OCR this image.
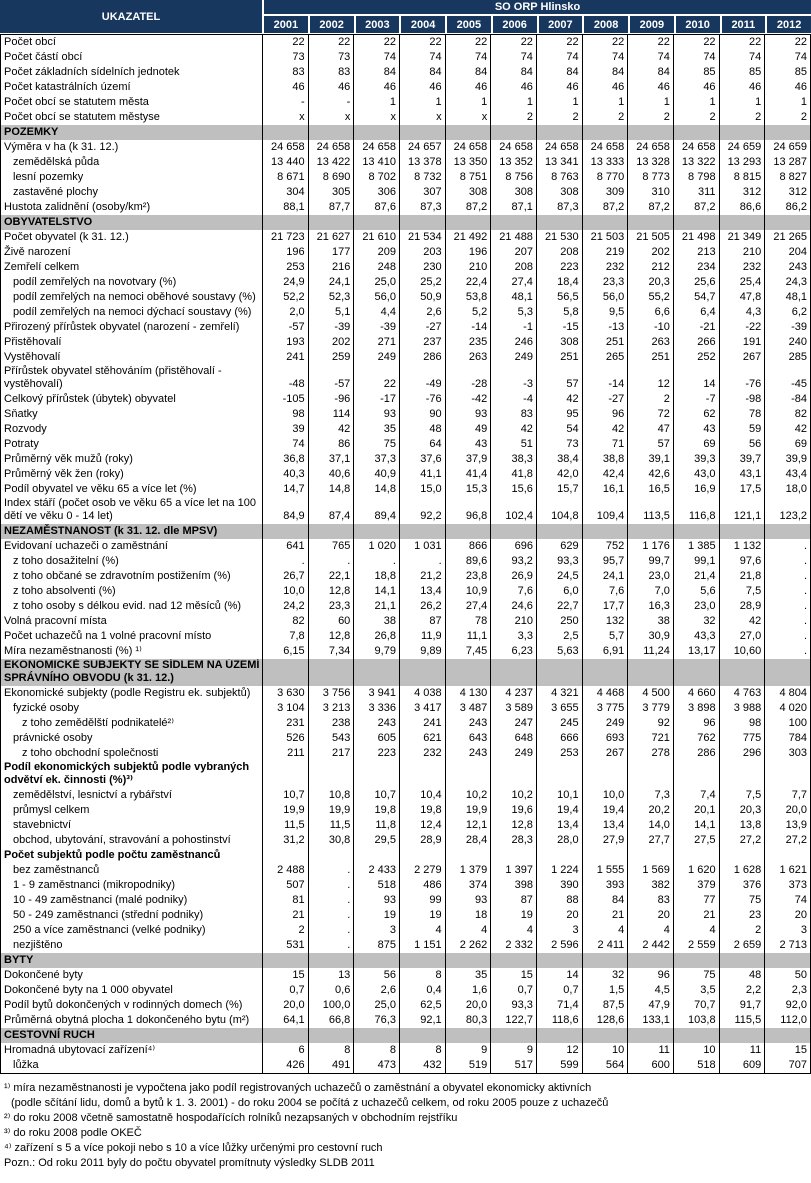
UKAZATEL
SO ORP Hlinsko
2001	2002	2003	2004	2005	2006	2007	2008	2009	2010	2011	2012
Počet obcí	22	22	22	22	22	22	22	22	22	22	22	22
Počet částí obcí	73	73	74	74	74	74	74	74	74	74	74	74
Počet základních sídelních jednotek	83	83	84	84	84	84	84	84	84	85	85	85
Počet katastrálních území	46	46	46	46	46	46	46	46	46	46	46	46
Počet obcí se statutem města	-	-	1	1	1	1	1	1	1	1	1	1
Počet obcí se statutem městyse	x	x	x	x	x	2	2	2	2	2	2	2
POZEMKY												
Výměra v ha (k 31. 12.)	24 658	24 658	24 658	24 657	24 658	24 658	24 658	24 658	24 658	24 658	24 659	24 659
zemědělská půda	13 440	13 422	13 410	13 378	13 350	13 352	13 341	13 333	13 328	13 322	13 293	13 287
lesní pozemky	8 671	8 690	8 702	8 732	8 751	8 756	8 763	8 770	8 773	8 798	8 815	8 827
zastavěné plochy	304	305	306	307	308	308	308	309	310	311	312	312
Hustota zalidnění (osoby/km²)	88,1	87,7	87,6	87,3	87,2	87,1	87,3	87,2	87,2	87,2	86,6	86,2
OBYVATELSTVO												
Počet obyvatel (k 31. 12.)	21 723	21 627	21 610	21 534	21 492	21 488	21 530	21 503	21 505	21 498	21 349	21 265
Živě narození	196	177	209	203	196	207	208	219	202	213	210	204
Zemřelí celkem	253	216	248	230	210	208	223	232	212	234	232	243
podíl zemřelých na novotvary (%)	24,9	24,1	25,0	25,2	22,4	27,4	18,4	23,3	20,3	25,6	25,4	24,3
podíl zemřelých na nemoci oběhové soustavy (%)	52,2	52,3	56,0	50,9	53,8	48,1	56,5	56,0	55,2	54,7	47,8	48,1
podíl zemřelých na nemoci dýchací soustavy (%)	2,0	5,1	4,4	2,6	5,2	5,3	5,8	9,5	6,6	6,4	4,3	6,2
Přirozený přírůstek obyvatel (narození - zemřelí)	-57	-39	-39	-27	-14	-1	-15	-13	-10	-21	-22	-39
Přistěhovalí	193	202	271	237	235	246	308	251	263	266	191	240
Vystěhovalí	241	259	249	286	263	249	251	265	251	252	267	285
Přírůstek obyvatel stěhováním (přistěhovalí - vystěhovalí)	-48	-57	22	-49	-28	-3	57	-14	12	14	-76	-45
Celkový přírůstek (úbytek) obyvatel	-105	-96	-17	-76	-42	-4	42	-27	2	-7	-98	-84
Sňatky	98	114	93	90	93	83	95	96	72	62	78	82
Rozvody	39	42	35	48	49	42	54	42	47	43	59	42
Potraty	74	86	75	64	43	51	73	71	57	69	56	69
Průměrný věk mužů (roky)	36,8	37,1	37,3	37,6	37,9	38,3	38,4	38,8	39,1	39,3	39,7	39,9
Průměrný věk žen (roky)	40,3	40,6	40,9	41,1	41,4	41,8	42,0	42,4	42,6	43,0	43,1	43,4
Podíl obyvatel ve věku 65 a více let (%)	14,7	14,8	14,8	15,0	15,3	15,6	15,7	16,1	16,5	16,9	17,5	18,0
Index stáří (počet osob ve věku 65 a více let na 100 dětí ve věku 0 - 14 let)	84,9	87,4	89,4	92,2	96,8	102,4	104,8	109,4	113,5	116,8	121,1	123,2
NEZAMĚSTNANOST (k 31. 12. dle MPSV)												
Evidovaní uchazeči o zaměstnání	641	765	1 020	1 031	866	696	629	752	1 176	1 385	1 132	.
z toho dosažitelní (%)	.	.	.	.	89,6	93,2	93,3	95,7	99,7	99,1	97,6	.
z toho občané se zdravotním postižením (%)	26,7	22,1	18,8	21,2	23,8	26,9	24,5	24,1	23,0	21,4	21,8	.
z toho absolventi (%)	10,0	12,8	14,1	13,4	10,9	7,6	6,0	7,6	7,0	5,6	7,5	.
z toho osoby s délkou evid. nad 12 měsíců (%)	24,2	23,3	21,1	26,2	27,4	24,6	22,7	17,7	16,3	23,0	28,9	.
Volná pracovní místa	82	60	38	87	78	210	250	132	38	32	42	.
Počet uchazečů na 1 volné pracovní místo	7,8	12,8	26,8	11,9	11,1	3,3	2,5	5,7	30,9	43,3	27,0	.
Míra nezaměstnanosti (%) ¹⁾	6,15	7,34	9,79	9,89	7,45	6,23	5,63	6,91	11,24	13,17	10,60	.
EKONOMICKÉ SUBJEKTY SE SÍDLEM NA ÚZEMÍ SPRÁVNÍHO OBVODU (k 31. 12.)												
Ekonomické subjekty (podle Registru ek. subjektů)	3 630	3 756	3 941	4 038	4 130	4 237	4 321	4 468	4 500	4 660	4 763	4 804
fyzické osoby	3 104	3 213	3 336	3 417	3 487	3 589	3 655	3 775	3 779	3 898	3 988	4 020
z toho zemědělští podnikatelé²⁾	231	238	243	241	243	247	245	249	92	96	98	100
právnické osoby	526	543	605	621	643	648	666	693	721	762	775	784
z toho obchodní společnosti	211	217	223	232	243	249	253	267	278	286	296	303
Podíl ekonomických subjektů podle vybraných odvětví ek. činnosti (%)³⁾												
zemědělství, lesnictví a rybářství	10,7	10,8	10,7	10,4	10,2	10,2	10,1	10,0	7,3	7,4	7,5	7,7
průmysl celkem	19,9	19,9	19,8	19,8	19,9	19,6	19,4	19,4	20,2	20,1	20,3	20,0
stavebnictví	11,5	11,5	11,8	12,4	12,1	12,8	13,4	13,4	14,0	14,1	13,8	13,9
obchod, ubytování, stravování a pohostinství	31,2	30,8	29,5	28,9	28,4	28,3	28,0	27,9	27,7	27,5	27,2	27,2
Počet subjektů podle počtu zaměstnanců												
bez zaměstnanců	2 488	.	2 433	2 279	1 379	1 397	1 224	1 555	1 569	1 620	1 628	1 621
1 - 9 zaměstnanci (mikropodniky)	507	.	518	486	374	398	390	393	382	379	376	373
10 - 49 zaměstnanci (malé podniky)	81	.	93	99	93	87	88	84	83	77	75	74
50 - 249 zaměstnanci (střední podniky)	21	.	19	19	18	19	20	21	20	21	23	20
250 a více zaměstnanci (velké podniky)	2	.	3	4	4	4	3	4	4	4	2	3
nezjištěno	531	.	875	1 151	2 262	2 332	2 596	2 411	2 442	2 559	2 659	2 713
BYTY												
Dokončené byty	15	13	56	8	35	15	14	32	96	75	48	50
Dokončené byty na 1 000 obyvatel	0,7	0,6	2,6	0,4	1,6	0,7	0,7	1,5	4,5	3,5	2,2	2,3
Podíl bytů dokončených v rodinných domech (%)	20,0	100,0	25,0	62,5	20,0	93,3	71,4	87,5	47,9	70,7	91,7	92,0
Průměrná obytná plocha 1 dokončeného bytu (m²)	64,1	66,8	76,3	92,1	80,3	122,7	118,6	128,6	133,1	103,8	115,5	112,0
CESTOVNÍ RUCH												
Hromadná ubytovací zařízení⁴⁾	6	8	8	8	9	9	12	10	11	10	11	15
lůžka	426	491	473	432	519	517	599	564	600	518	609	707
¹⁾ míra nezaměstnanosti je vypočtena jako podíl registrovaných uchazečů o zaměstnání a obyvatel ekonomicky aktivních
(podle sčítání lidu, domů a bytů k 1. 3. 2001) - do roku 2004 se počítá z uchazečů celkem, od roku 2005 pouze z uchazečů
²⁾ do roku 2008 včetně samostatně hospodařících rolníků nezapsaných v obchodním rejstříku
³⁾ do roku 2008 podle OKEČ
⁴⁾ zařízení s 5 a více pokoji nebo s 10 a více lůžky určenými pro cestovní ruch
Pozn.: Od roku 2011 byly do počtu obyvatel promítnuty výsledky SLDB 2011
